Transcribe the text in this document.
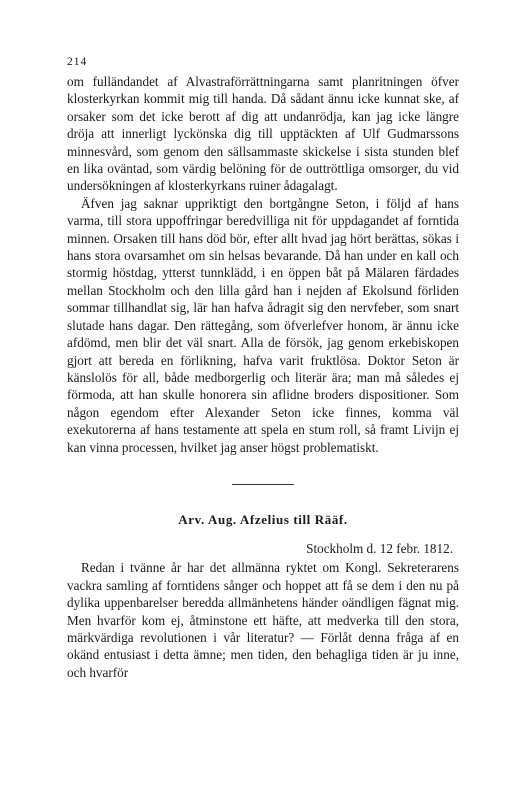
214

om fulländandet af Alvastraförrättningarna samt planritningen öfver klosterkyrkan kommit mig till handa. Då sådant ännu icke kunnat ske, af orsaker som det icke berott af dig att undanrödja, kan jag icke längre dröja att innerligt lyckönska dig till upptäckten af Ulf Gudmarssons minnesvård, som genom den sällsammaste skickelse i sista stunden blef en lika oväntad, som värdig belöning för de outtröttliga omsorger, du vid undersökningen af klosterkyrkans ruiner ådagalagt.

Äfven jag saknar uppriktigt den bortgångne Seton, i följd af hans varma, till stora uppoffringar beredvilliga nit för uppdagandet af forntida minnen. Orsaken till hans död bör, efter allt hvad jag hört berättas, sökas i hans stora ovarsamhet om sin helsas bevarande. Då han under en kall och stormig höstdag, ytterst tunnklädd, i en öppen båt på Mälaren färdades mellan Stockholm och den lilla gård han i nejden af Ekolsund förliden sommar tillhandlat sig, lär han hafva ådragit sig den nervfeber, som snart slutade hans dagar. Den rättegång, som öfverlefver honom, är ännu icke afdömd, men blir det väl snart. Alla de försök, jag genom erkebiskopen gjort att bereda en förlikning, hafva varit fruktlösa. Doktor Seton är känslolös för all, både medborgerlig och literär ära; man må således ej förmoda, att han skulle honorera sin aflidne broders dispositioner. Som någon egendom efter Alexander Seton icke finnes, komma väl exekutorerna af hans testamente att spela en stum roll, så framt Livijn ej kan vinna processen, hvilket jag anser högst problematiskt.

Arv. Aug. Afzelius till Rääf.
Stockholm d. 12 febr. 1812.

Redan i tvänne år har det allmänna ryktet om Kongl. Sekreterarens vackra samling af forntidens sånger och hoppet att få se dem i den nu på dylika uppenbarelser beredda allmänhetens händer oändligen fägnat mig. Men hvarför kom ej, åtminstone ett häfte, att medverka till den stora, märkvärdiga revolutionen i vår literatur? — Förlåt denna fråga af en okänd entusiast i detta ämne; men tiden, den behagliga tiden är ju inne, och hvarför
